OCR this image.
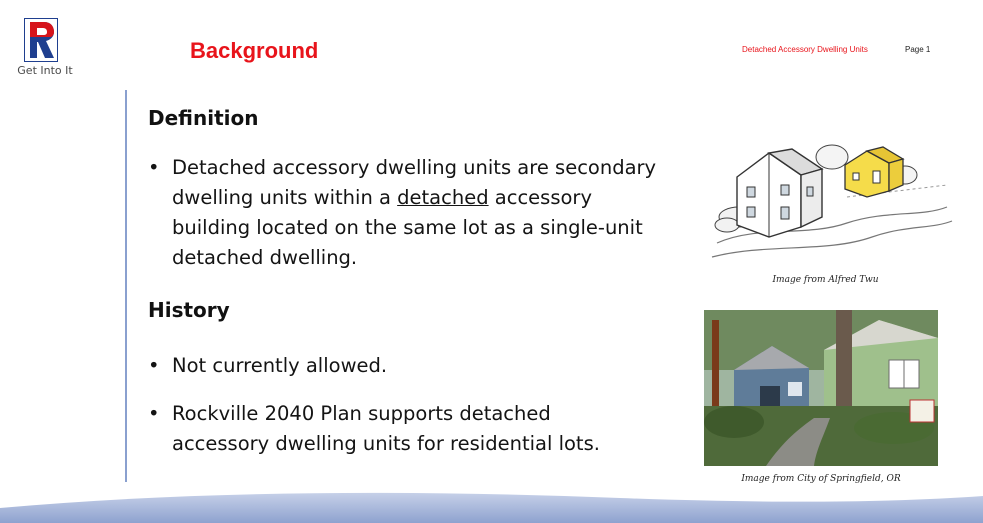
Get Into It
Background	Detached Accessory Dwelling Units	Page 1
Definition
• Detached accessory dwelling units are secondary dwelling units within a detached accessory building located on the same lot as a single-unit detached dwelling.
History
• Not currently allowed.
• Rockville 2040 Plan supports detached accessory dwelling units for residential lots.
Image from Alfred Twu
Image from City of Springfield, OR
